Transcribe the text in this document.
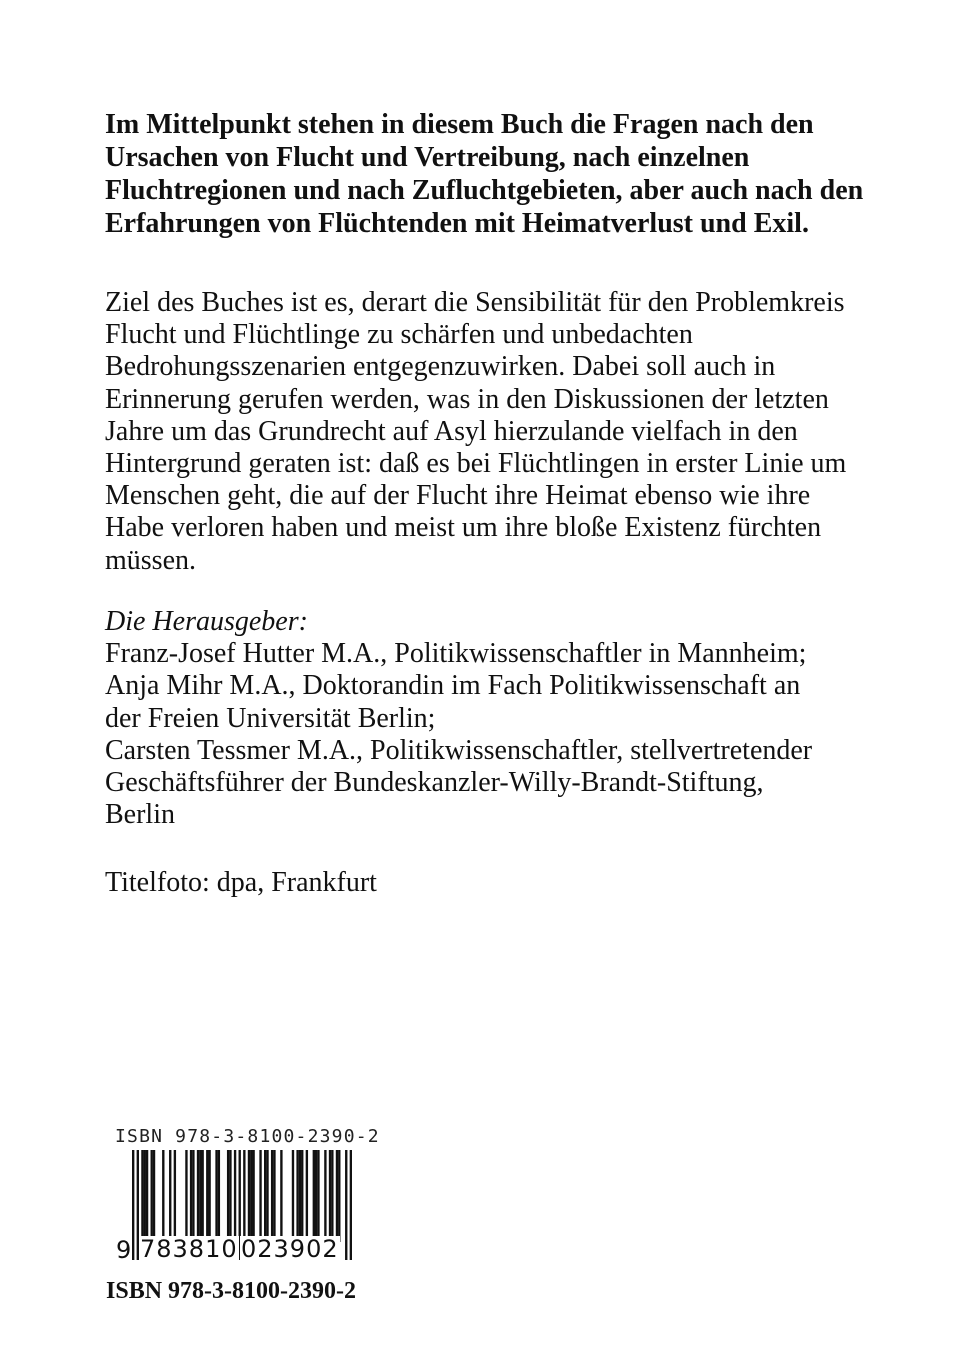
Im Mittelpunkt stehen in diesem Buch die Fragen nach den Ursachen von Flucht und Vertreibung, nach einzelnen Fluchtregionen und nach Zufluchtgebieten, aber auch nach den Erfahrungen von Flüchtenden mit Heimatverlust und Exil.

Ziel des Buches ist es, derart die Sensibilität für den Problemkreis Flucht und Flüchtlinge zu schärfen und unbedachten Bedrohungsszenarien entgegenzuwirken. Dabei soll auch in Erinnerung gerufen werden, was in den Diskussionen der letzten Jahre um das Grundrecht auf Asyl hierzulande vielfach in den Hintergrund geraten ist: daß es bei Flüchtlingen in erster Linie um Menschen geht, die auf der Flucht ihre Heimat ebenso wie ihre Habe verloren haben und meist um ihre bloße Existenz fürchten müssen.

Die Herausgeber:
Franz-Josef Hutter M.A., Politikwissenschaftler in Mannheim;
Anja Mihr M.A., Doktorandin im Fach Politikwissenschaft an
der Freien Universität Berlin;
Carsten Tessmer M.A., Politikwissenschaftler, stellvertretender
Geschäftsführer der Bundeskanzler-Willy-Brandt-Stiftung,
Berlin

Titelfoto: dpa, Frankfurt

ISBN 978-3-8100-2390-2
9 783810 023902

ISBN 978-3-8100-2390-2
